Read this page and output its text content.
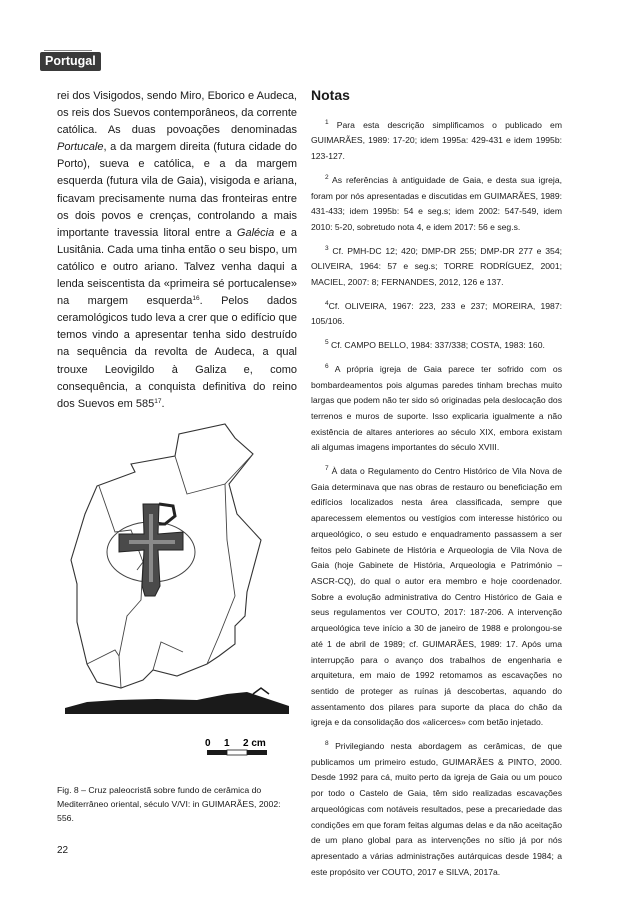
Portugal

rei dos Visigodos, sendo Miro, Eborico e Audeca, os reis dos Suevos contemporâneos, da corrente católica. As duas povoações denominadas Portucale, a da margem direita (futura cidade do Porto), sueva e católica, e a da margem esquerda (futura vila de Gaia), visigoda e ariana, ficavam precisamente numa das fronteiras entre os dois povos e crenças, controlando a mais importante travessia litoral entre a Galécia e a Lusitânia. Cada uma tinha então o seu bispo, um católico e outro ariano. Talvez venha daqui a lenda seiscentista da «primeira sé portucalense» na margem esquerda$^{16}$. Pelos dados ceramológicos tudo leva a crer que o edifício que temos vindo a apresentar tenha sido destruído na sequência da revolta de Audeca, a qual trouxe Leovigildo à Galiza e, como consequência, a conquista definitiva do reino dos Suevos em $585^{17}$.

0 1 2 cm
Fig. 8 – Cruz paleocristã sobre fundo de cerâmica do Mediterrâneo oriental, século V/VI: in GUIMARÃES, 2002: 556.
22
Notas

$^1$ Para esta descrição simplificamos o publicado em GUIMARÃES, 1989: 17-20; idem 1995a: 429-431 e idem 1995b: 123-127.

$^2$ As referências à antiguidade de Gaia, e desta sua igreja, foram por nós apresentadas e discutidas em GUIMARÃES, 1989: 431-433; idem 1995b: 54 e seg.s; idem 2002: 547-549, idem 2010: 5-20, sobretudo nota 4, e idem 2017: 56 e seg.s.

$^3$ Cf. PMH-DC 12; 420; DMP-DR 255; DMP-DR 277 e 354; OLIVEIRA, 1964: 57 e seg.s; TORRE RODRÍGUEZ, 2001; MACIEL, 2007: 8; FERNANDES, 2012, 126 e 137.

$^4$Cf. OLIVEIRA, 1967: 223, 233 e 237; MOREIRA, 1987: 105/106.

$^5$ Cf. CAMPO BELLO, 1984: 337/338; COSTA, 1983: 160.

$^6$ A própria igreja de Gaia parece ter sofrido com os bombardeamentos pois algumas paredes tinham brechas muito largas que podem não ter sido só originadas pela deslocação dos terrenos e muros de suporte. Isso explicaria igualmente a não existência de altares anteriores ao século XIX, embora existam ali algumas imagens importantes do século XVIII.

$^7$ À data o Regulamento do Centro Histórico de Vila Nova de Gaia determinava que nas obras de restauro ou beneficiação em edifícios localizados nesta área classificada, sempre que aparecessem elementos ou vestígios com interesse histórico ou arqueológico, o seu estudo e enquadramento passassem a ser feitos pelo Gabinete de História e Arqueologia de Vila Nova de Gaia (hoje Gabinete de História, Arqueologia e Património – ASCR-CQ), do qual o autor era membro e hoje coordenador. Sobre a evolução administrativa do Centro Histórico de Gaia e seus regulamentos ver COUTO, 2017: 187-206. A intervenção arqueológica teve início a 30 de janeiro de 1988 e prolongou-se até 1 de abril de 1989; cf. GUIMARÃES, 1989: 17. Após uma interrupção para o avanço dos trabalhos de engenharia e arquitetura, em maio de 1992 retomamos as escavações no sentido de proteger as ruínas já descobertas, aquando do assentamento dos pilares para suporte da placa do chão da igreja e da consolidação dos «alicerces» com betão injetado.

$^8$ Privilegiando nesta abordagem as cerâmicas, de que publicamos um primeiro estudo, GUIMARÃES & PINTO, 2000. Desde 1992 para cá, muito perto da igreja de Gaia ou um pouco por todo o Castelo de Gaia, têm sido realizadas escavações arqueológicas com notáveis resultados, pese a precariedade das condições em que foram feitas algumas delas e da não aceitação de um plano global para as intervenções no sítio já por nós apresentado a várias administrações autárquicas desde 1984; a este propósito ver COUTO, 2017 e SILVA, 2017a.
